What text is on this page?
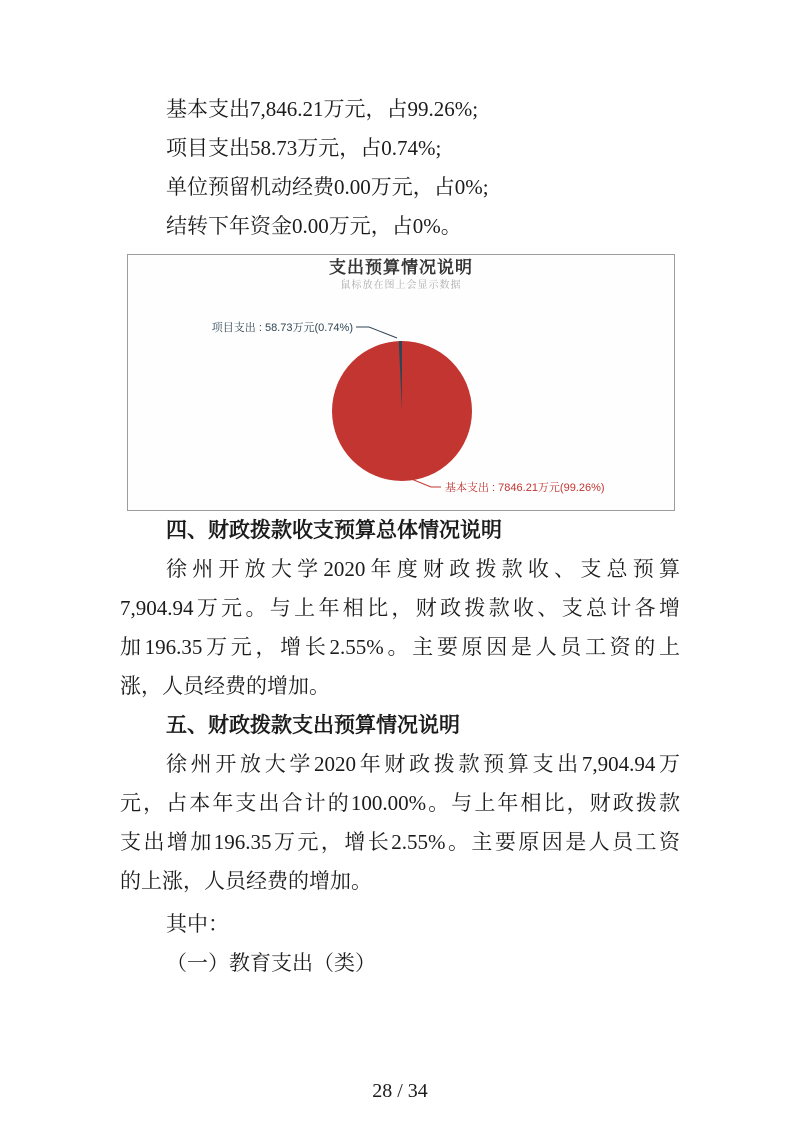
基本支出7,846.21万元，占99.26%;

项目支出58.73万元，占0.74%;

单位预留机动经费0.00万元，占0%;

结转下年资金0.00万元，占0%。

支出预算情况说明
鼠标放在图上会显示数据
项目支出 : 58.73万元(0.74%)
基本支出 : 7846.21万元(99.26%)
四、财政拨款收支预算总体情况说明
徐州开放大学2020年度财政拨款收、支总预算
7,904.94万元。与上年相比，财政拨款收、支总计各增
加196.35万元，增长2.55%。主要原因是人员工资的上
涨，人员经费的增加。
五、财政拨款支出预算情况说明
徐州开放大学2020年财政拨款预算支出7,904.94万
元，占本年支出合计的100.00%。与上年相比，财政拨款
支出增加196.35万元，增长2.55%。主要原因是人员工资
的上涨，人员经费的增加。

其中：

（一）教育支出（类）

28 / 34
